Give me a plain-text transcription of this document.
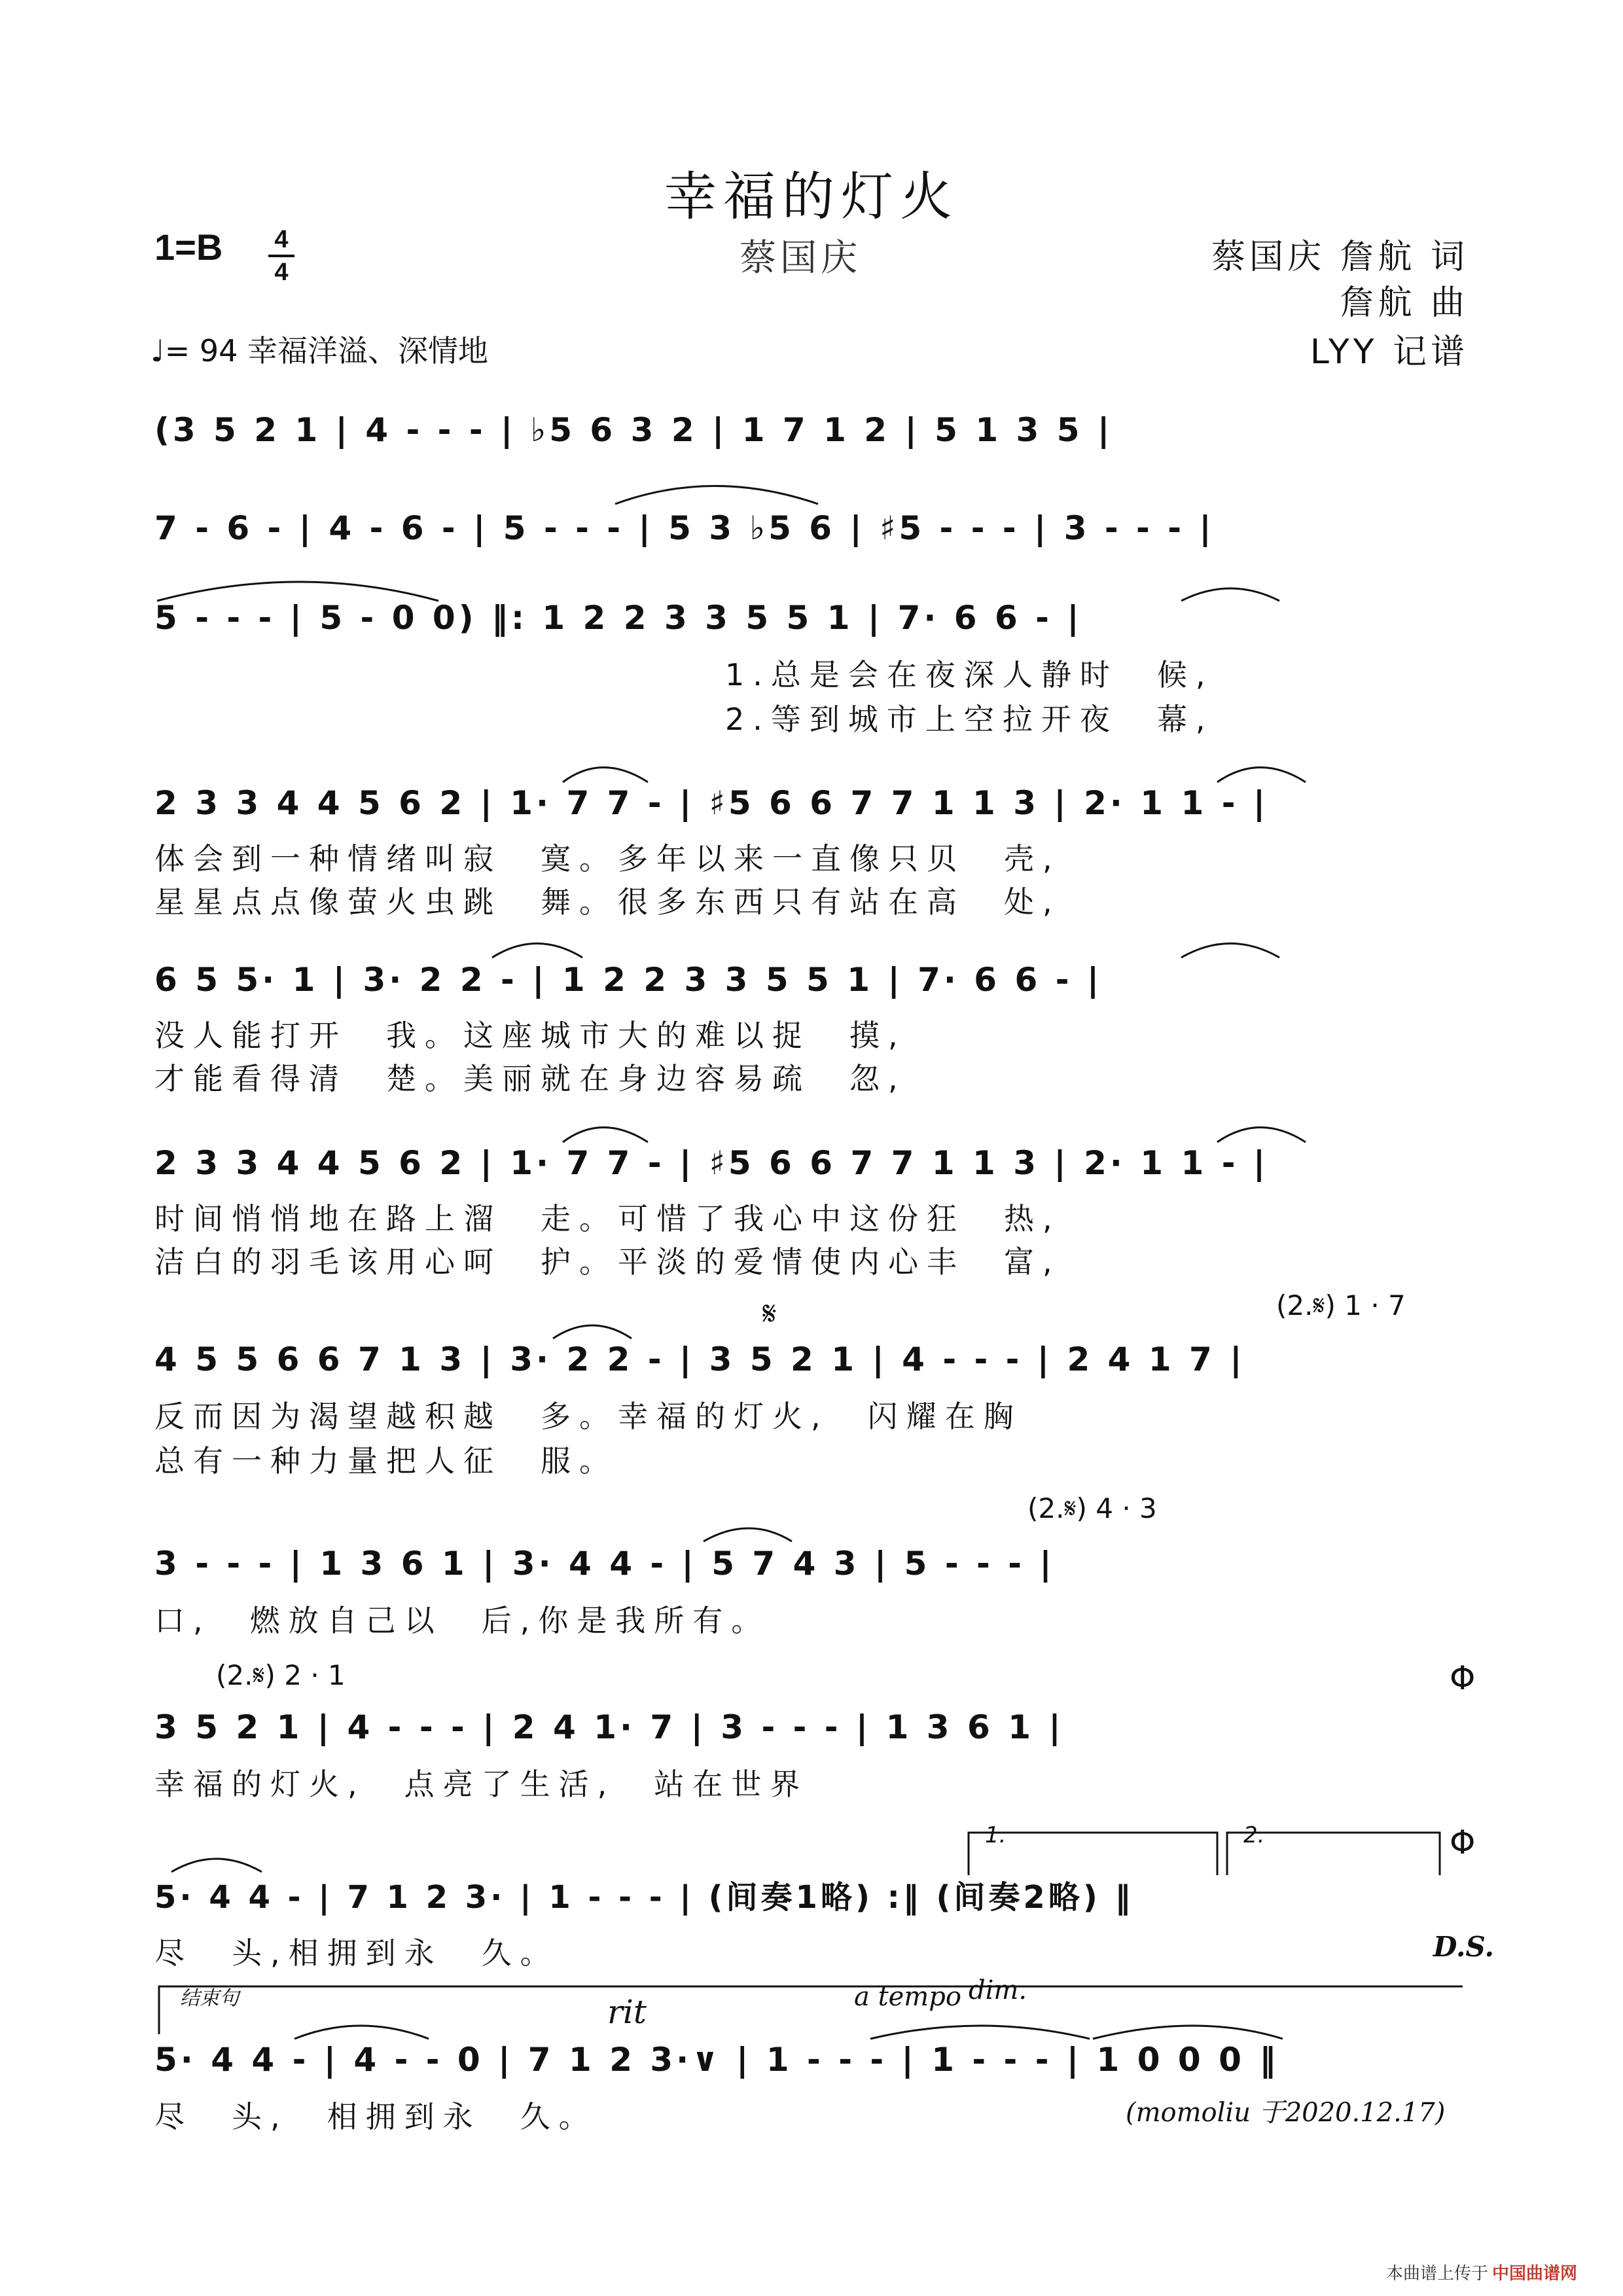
幸福的灯火
1=B 4
4	蔡国庆	蔡国庆 詹航 词
詹航 曲
♩= 94 幸福洋溢、深情地	LYY 记谱
(3 5 2 1 | 4 - - - | ♭5 6 3 2 | 1 7 1 2 | 5 1 3 5 |
7 - 6 - | 4 - 6 - | 5 - - - | 5 3 ♭5 6 | ♯5 - - - | 3 - - - |
5 - - - | 5 - 0 0) ‖: 1 2 2 3 3 5 5 1 | 7· 6 6 - |
1.总是会在夜深人静时　候,
2.等到城市上空拉开夜　幕,
2 3 3 4 4 5 6 2 | 1· 7 7 - | ♯5 6 6 7 7 1 1 3 | 2· 1 1 - |
体会到一种情绪叫寂　寞。多年以来一直像只贝　壳,
星星点点像萤火虫跳　舞。很多东西只有站在高　处,
6 5 5· 1 | 3· 2 2 - | 1 2 2 3 3 5 5 1 | 7· 6 6 - |
没人能打开　我。这座城市大的难以捉　摸,
才能看得清　楚。美丽就在身边容易疏　忽,
2 3 3 4 4 5 6 2 | 1· 7 7 - | ♯5 6 6 7 7 1 1 3 | 2· 1 1 - |
时间悄悄地在路上溜　走。可惜了我心中这份狂　热,
洁白的羽毛该用心呵　护。平淡的爱情使内心丰　富,
𝄋	(2.𝄋) 1 · 7
4 5 5 6 6 7 1 3 | 3· 2 2 - | 3 5 2 1 | 4 - - - | 2 4 1 7 |
反而因为渴望越积越　多。幸福的灯火,　闪耀在胸
总有一种力量把人征　服。
(2.𝄋) 4 · 3
3 - - - | 1 3 6 1 | 3· 4 4 - | 5 7 4 3 | 5 - - - |
口,　燃放自己以　后,你是我所有。
(2.𝄋) 2 · 1	Φ
3 5 2 1 | 4 - - - | 2 4 1· 7 | 3 - - - | 1 3 6 1 |
幸福的灯火,　点亮了生活,　站在世界
1.	2.	Φ
5· 4 4 - | 7 1 2 3· | 1 - - - | (间奏1略) :‖ (间奏2略) ‖
尽　头,相拥到永　久。	D.S.
结束句	rit	a tempo dim.
5· 4 4 - | 4 - - 0 | 7 1 2 3·∨ | 1 - - - | 1 - - - | 1 0 0 0 ‖
尽　头,　相拥到永　久。	(momoliu 于2020.12.17)
本曲谱上传于 中国曲谱网
